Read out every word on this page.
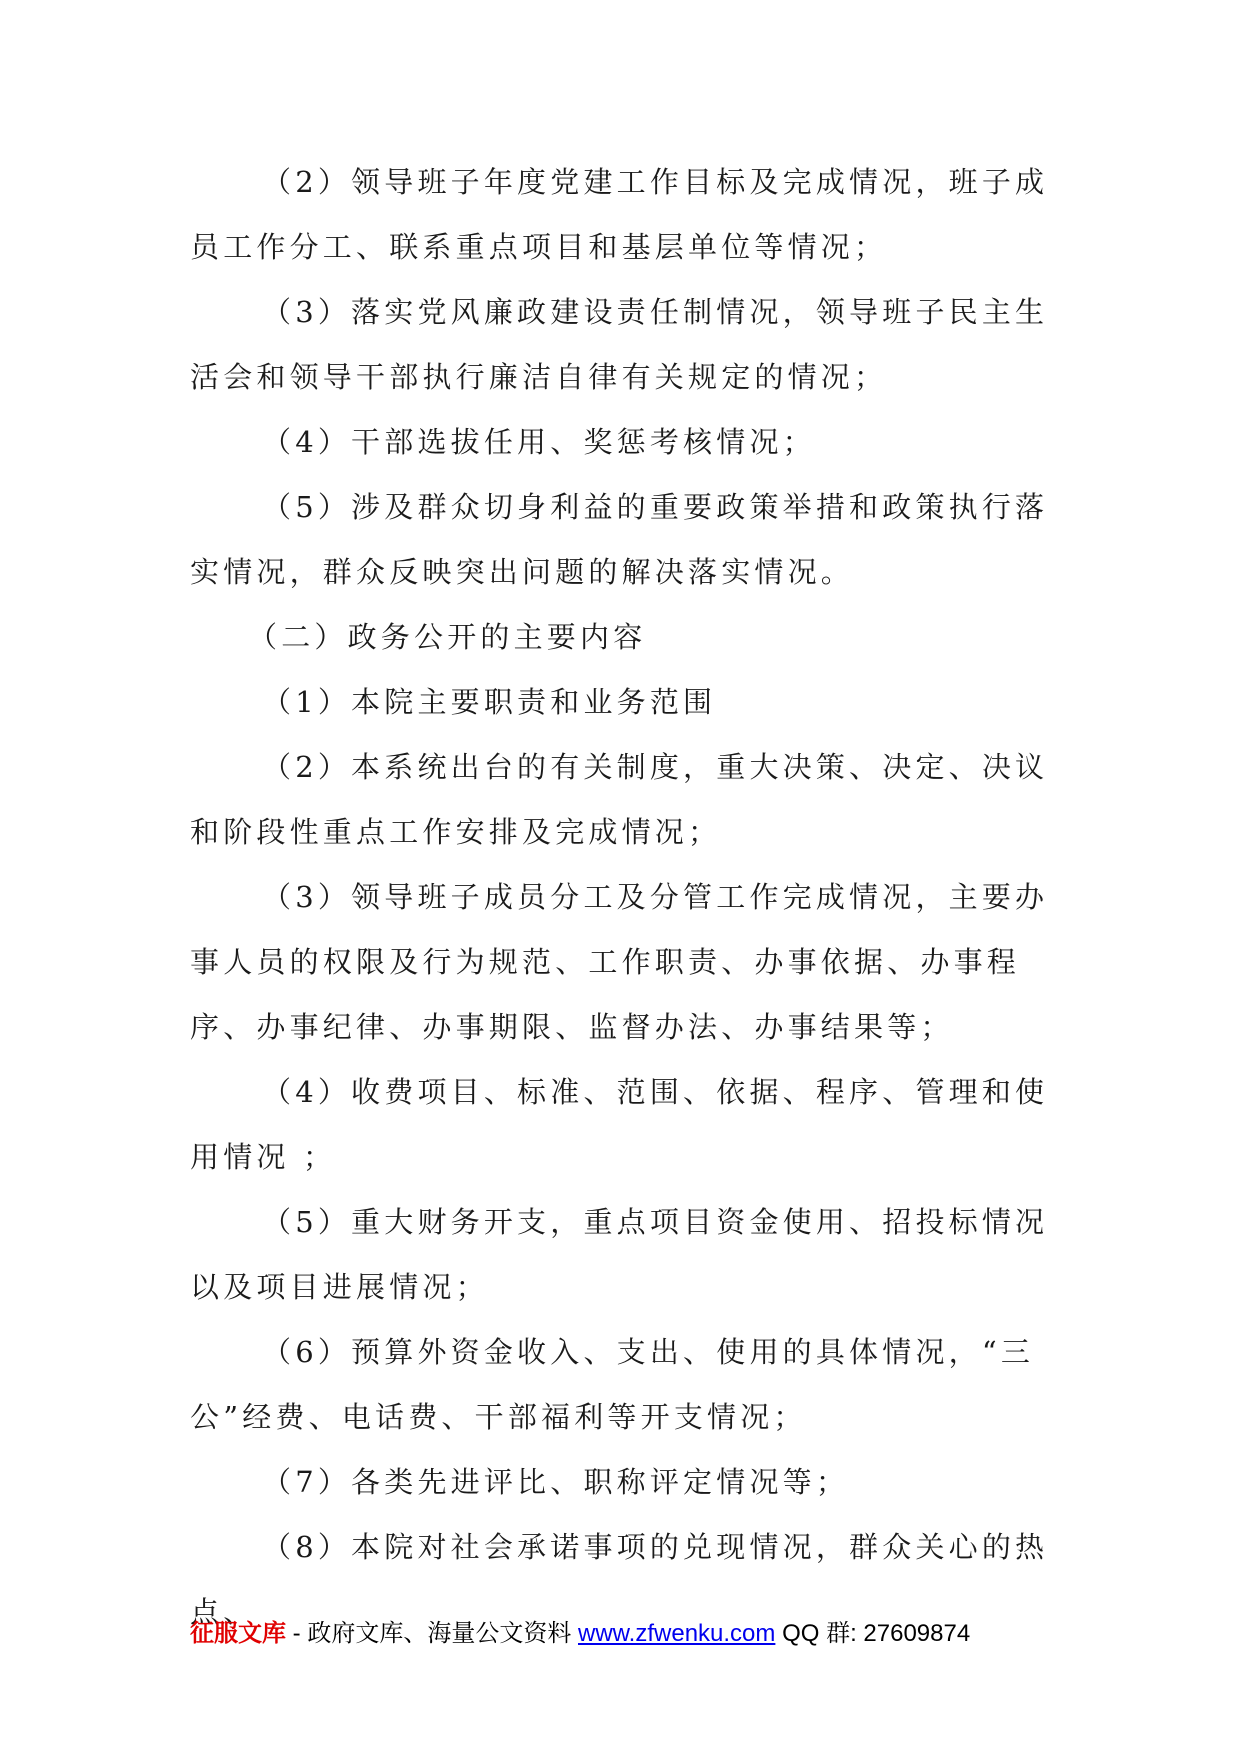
（2）领导班子年度党建工作目标及完成情况，班子成员工作分工、联系重点项目和基层单位等情况；

（3）落实党风廉政建设责任制情况，领导班子民主生活会和领导干部执行廉洁自律有关规定的情况；

（4）干部选拔任用、奖惩考核情况；

（5）涉及群众切身利益的重要政策举措和政策执行落实情况，群众反映突出问题的解决落实情况。

（二）政务公开的主要内容

（1）本院主要职责和业务范围

（2）本系统出台的有关制度，重大决策、决定、决议和阶段性重点工作安排及完成情况；

（3）领导班子成员分工及分管工作完成情况，主要办事人员的权限及行为规范、工作职责、办事依据、办事程序、办事纪律、办事期限、监督办法、办事结果等；

（4）收费项目、标准、范围、依据、程序、管理和使用情况 ；

（5）重大财务开支，重点项目资金使用、招投标情况以及项目进展情况；

（6）预算外资金收入、支出、使用的具体情况，“三公”经费、电话费、干部福利等开支情况；

（7）各类先进评比、职称评定情况等；

（8）本院对社会承诺事项的兑现情况，群众关心的热点、

征服文库 - 政府文库、海量公文资料 www.zfwenku.com QQ 群: 27609874
